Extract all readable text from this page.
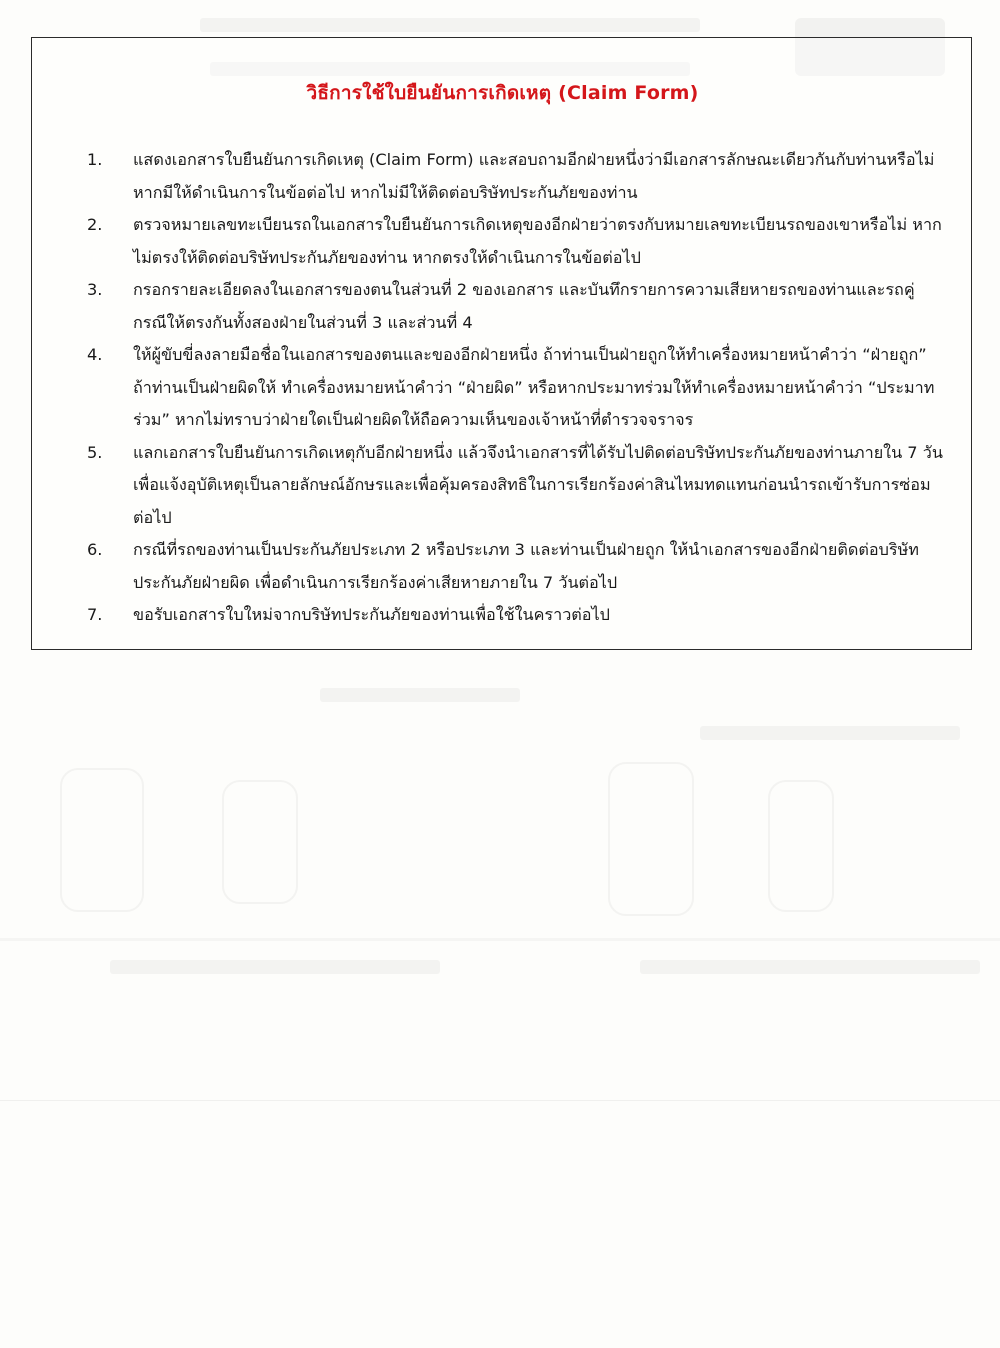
วิธีการใช้ใบยืนยันการเกิดเหตุ (Claim Form)
1.	แสดงเอกสารใบยืนยันการเกิดเหตุ (Claim Form) และสอบถามอีกฝ่ายหนึ่งว่ามีเอกสารลักษณะเดียวกันกับท่านหรือไม่ หากมีให้ดำเนินการในข้อต่อไป หากไม่มีให้ติดต่อบริษัทประกันภัยของท่าน
2.	ตรวจหมายเลขทะเบียนรถในเอกสารใบยืนยันการเกิดเหตุของอีกฝ่ายว่าตรงกับหมายเลขทะเบียนรถของเขาหรือไม่ หากไม่ตรงให้ติดต่อบริษัทประกันภัยของท่าน หากตรงให้ดำเนินการในข้อต่อไป
3.	กรอกรายละเอียดลงในเอกสารของตนในส่วนที่ 2 ของเอกสาร และบันทึกรายการความเสียหายรถของท่านและรถคู่กรณีให้ตรงกันทั้งสองฝ่ายในส่วนที่ 3 และส่วนที่ 4
4.	ให้ผู้ขับขี่ลงลายมือชื่อในเอกสารของตนและของอีกฝ่ายหนึ่ง ถ้าท่านเป็นฝ่ายถูกให้ทำเครื่องหมายหน้าคำว่า “ฝ่ายถูก” ถ้าท่านเป็นฝ่ายผิดให้ ทำเครื่องหมายหน้าคำว่า “ฝ่ายผิด” หรือหากประมาทร่วมให้ทำเครื่องหมายหน้าคำว่า “ประมาทร่วม” หากไม่ทราบว่าฝ่ายใดเป็นฝ่ายผิดให้ถือความเห็นของเจ้าหน้าที่ตำรวจจราจร
5.	แลกเอกสารใบยืนยันการเกิดเหตุกับอีกฝ่ายหนึ่ง แล้วจึงนำเอกสารที่ได้รับไปติดต่อบริษัทประกันภัยของท่านภายใน 7 วัน เพื่อแจ้งอุบัติเหตุเป็นลายลักษณ์อักษรและเพื่อคุ้มครองสิทธิในการเรียกร้องค่าสินไหมทดแทนก่อนนำรถเข้ารับการซ่อมต่อไป
6.	กรณีที่รถของท่านเป็นประกันภัยประเภท 2 หรือประเภท 3 และท่านเป็นฝ่ายถูก ให้นำเอกสารของอีกฝ่ายติดต่อบริษัทประกันภัยฝ่ายผิด เพื่อดำเนินการเรียกร้องค่าเสียหายภายใน 7 วันต่อไป
7.	ขอรับเอกสารใบใหม่จากบริษัทประกันภัยของท่านเพื่อใช้ในคราวต่อไป
